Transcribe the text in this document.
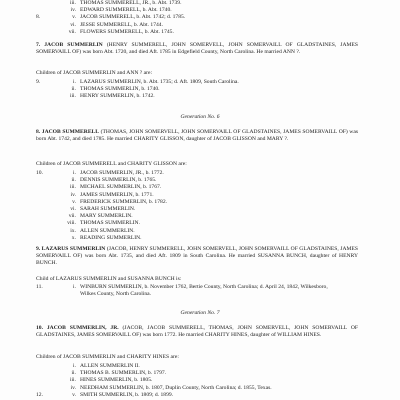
iii. THOMAS SUMMERELL, JR., b. Abt. 1739.
iv. EDWARD SUMMERELL, b. Abt. 1740.
8.	v. JACOB SUMMERELL, b. Abt. 1742; d. 1785.
vi. JESSE SUMMERELL, b. Abt. 1744.
vii. FLOWERS SUMMERELL, b. Abt. 1745.
7. JACOB SUMMERLIN (HENRY SUMMERELL, JOHN SOMERVELL, JOHN SOMERVAILL OF GLADSTAINES, JAMES SOMERVAILL OF) was born Abt. 1720, and died Aft. 1785 in Edgefield County, North Carolina. He married ANN ?.
Children of JACOB SUMMERLIN and ANN ? are:
9.	i. LAZARUS SUMMERLIN, b. Abt. 1735; d. Aft. 1809, South Carolina.
ii. THOMAS SUMMERLIN, b. 1740.
iii. HENRY SUMMERLIN, b. 1742.
Generation No. 6
8. JACOB SUMMERELL (THOMAS, JOHN SOMERVELL, JOHN SOMERVAILL OF GLADSTAINES, JAMES SOMERVAILL OF) was born Abt. 1742, and died 1785. He married CHARITY GLISSON, daughter of JACOB GLISSON and MARY ?.
Children of JACOB SUMMERELL and CHARITY GLISSON are:
10.	i. JACOB SUMMERLIN, JR., b. 1772.
ii. DENNIS SUMMERLIN, b. 1765.
iii. MICHAEL SUMMERLIN, b. 1767.
iv. JAMES SUMMERLIN, b. 1771.
v. FREDERICK SUMMERLIN, b. 1782.
vi. SARAH SUMMERLIN.
vii. MARY SUMMERLIN.
viii. THOMAS SUMMERLIN.
ix. ALLEN SUMMERLIN.
x. READING SUMMERLIN.
9. LAZARUS SUMMERLIN (JACOB, HENRY SUMMERELL, JOHN SOMERVELL, JOHN SOMERVAILL OF GLADSTAINES, JAMES SOMERVAILL OF) was born Abt. 1735, and died Aft. 1809 in South Carolina. He married SUSANNA BUNCH, daughter of HENRY BUNCH.
Child of LAZARUS SUMMERLIN and SUSANNA BUNCH is:
11.	i. WINBURN SUMMERLIN, b. November 1762, Bertie County, North Carolina; d. April 24, 1842, Wilkesboro,
Wilkes County, North Carolina.
Generation No. 7
10. JACOB SUMMERLIN, JR. (JACOB, JACOB SUMMERELL, THOMAS, JOHN SOMERVELL, JOHN SOMERVAILL OF GLADSTAINES, JAMES SOMERVAILL OF) was born 1772. He married CHARITY HINES, daughter of WILLIAM HINES.
Children of JACOB SUMMERLIN and CHARITY HINES are:
i. ALLEN SUMMERLIN II.
ii. THOMAS B. SUMMERLIN, b. 1797.
iii. HINES SUMMERLIN, b. 1805.
iv. NEEDHAM SUMMERLIN, b. 1807, Duplin County, North Carolina; d. 1855, Texas.
12.	v. SMITH SUMMERLIN, b. 1809; d. 1899.
